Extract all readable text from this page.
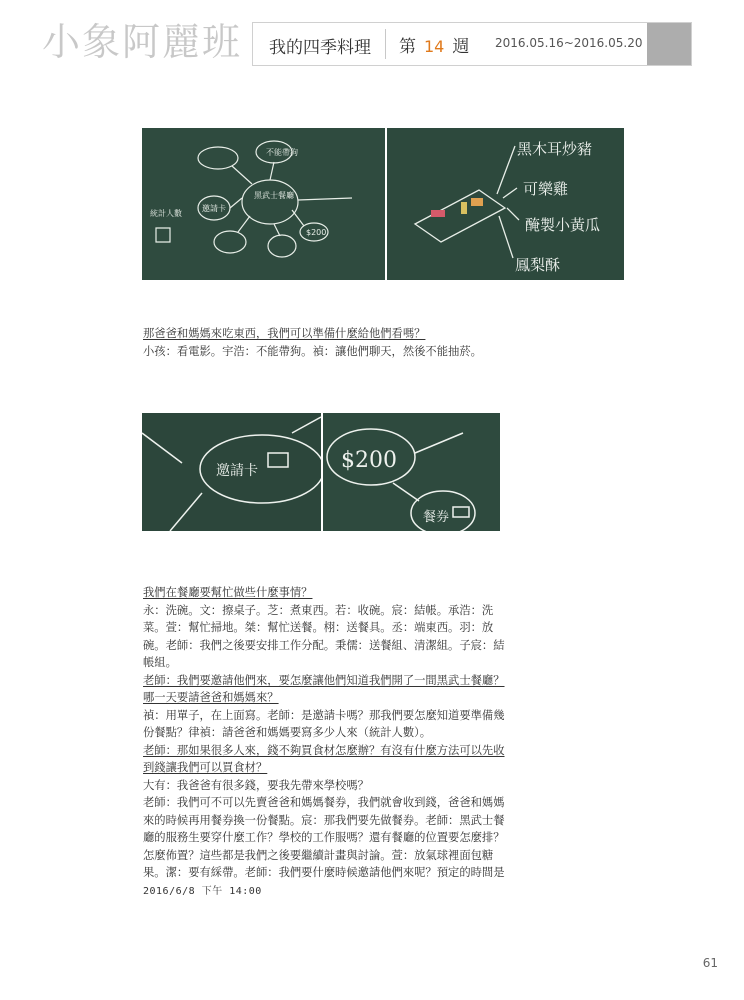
小象阿麗班 我的四季料理 第 14 週 2016.05.16~2016.05.20
黑武士餐廳
邀請卡
統計人數
$200
不能帶狗	黑木耳炒豬
可樂雞
醃製小黃瓜
鳳梨酥

那爸爸和媽媽來吃東西，我們可以準備什麼給他們看嗎？

小孩：看電影。宇浩：不能帶狗。禎：讓他們聊天，然後不能抽菸。

邀請卡	$200
餐券

我們在餐廳要幫忙做些什麼事情？

永：洗碗。文：擦桌子。芝：煮東西。若：收碗。宸：結帳。承浩：洗菜。萱：幫忙掃地。桀：幫忙送餐。栩：送餐具。丞：端東西。羽：放碗。老師：我們之後要安排工作分配。秉儒：送餐組、清潔組。子宸：結帳組。

老師：我們要邀請他們來，要怎麼讓他們知道我們開了一間黑武士餐廳？哪一天要請爸爸和媽媽來？

禎：用單子，在上面寫。老師：是邀請卡嗎？那我們要怎麼知道要準備幾份餐點？律禎：請爸爸和媽媽要寫多少人來（統計人數）。

老師：那如果很多人來，錢不夠買食材怎麼辦？有沒有什麼方法可以先收到錢讓我們可以買食材？

大有：我爸爸有很多錢，要我先帶來學校嗎？

老師：我們可不可以先賣爸爸和媽媽餐券，我們就會收到錢，爸爸和媽媽來的時候再用餐券換一份餐點。宸：那我們要先做餐券。老師：黑武士餐廳的服務生要穿什麼工作？學校的工作服嗎？還有餐廳的位置要怎麼排？怎麼佈置？這些都是我們之後要繼續計畫與討論。萱：放氣球裡面包糖果。潔：要有綵帶。老師：我們要什麼時候邀請他們來呢？預定的時間是 2016/6/8 下午 14:00

61
